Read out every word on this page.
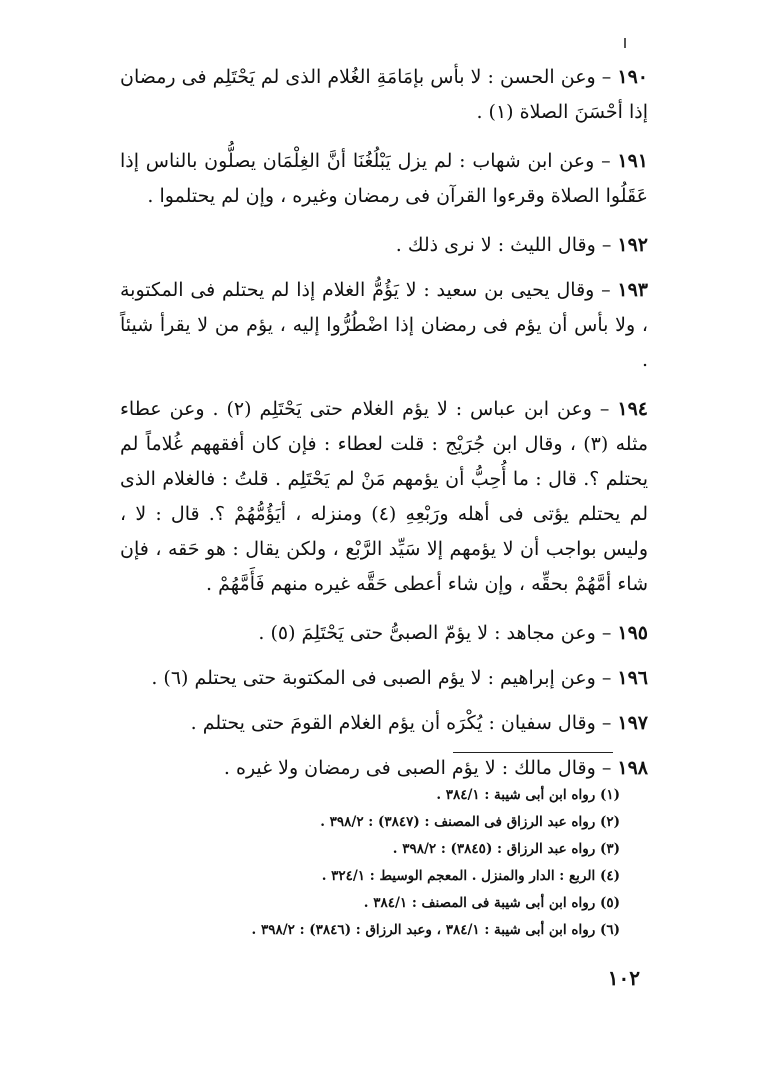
١٩٠ – وعن الحسن : لا بأس بإمَامَةِ الغُلام الذى لم يَحْتَلِم فى رمضان إذا أحْسَنَ الصلاة (١) .

١٩١ – وعن ابن شهاب : لم يزل يَبْلُغُنَا أنَّ الغِلْمَان يصلُّون بالناس إذا عَقَلُوا الصلاة وقرءوا القرآن فى رمضان وغيره ، وإن لم يحتلموا .

١٩٢ – وقال الليث : لا نرى ذلك .

١٩٣ – وقال يحيى بن سعيد : لا يَؤُمُّ الغلام إذا لم يحتلم فى المكتوبة ، ولا بأس أن يؤم فى رمضان إذا اضْطُرُّوا إليه ، يؤم من لا يقرأ شيئاً .

١٩٤ – وعن ابن عباس : لا يؤم الغلام حتى يَحْتَلِم (٢) . وعن عطاء مثله (٣) ، وقال ابن جُرَيْج : قلت لعطاء : فإن كان أفقههم غُلاماً لم يحتلم ؟. قال : ما أُحِبُّ أن يؤمهم مَنْ لم يَحْتَلِم . قلتُ : فالغلام الذى لم يحتلم يؤتى فى أهله ورَبْعِهِ (٤) ومنزله ، أيَؤُمُّهُمْ ؟. قال : لا ، وليس بواجب أن لا يؤمهم إلا سَيِّد الرَّبْع ، ولكن يقال : هو حَقه ، فإن شاء أمَّهُمْ بحقِّه ، وإن شاء أعطى حَقَّه غيره منهم فَأَمَّهُمْ .

١٩٥ – وعن مجاهد : لا يؤمّ الصبىُّ حتى يَحْتَلِمَ (٥) .

١٩٦ – وعن إبراهيم : لا يؤم الصبى فى المكتوبة حتى يحتلم (٦) .

١٩٧ – وقال سفيان : يُكْرَه أن يؤم الغلام القومَ حتى يحتلم .

١٩٨ – وقال مالك : لا يؤم الصبى فى رمضان ولا غيره .

(١) رواه ابن أبى شيبة : ٣٨٤/١ .
(٢) رواه عبد الرزاق فى المصنف : (٣٨٤٧) : ٣٩٨/٢ .
(٣) رواه عبد الرزاق : (٣٨٤٥) : ٣٩٨/٢ .
(٤) الربع : الدار والمنزل . المعجم الوسيط : ٣٢٤/١ .
(٥) رواه ابن أبى شيبة فى المصنف : ٣٨٤/١ .
(٦) رواه ابن أبى شيبة : ٣٨٤/١ ، وعبد الرزاق : (٣٨٤٦) : ٣٩٨/٢ .
١٠٢
